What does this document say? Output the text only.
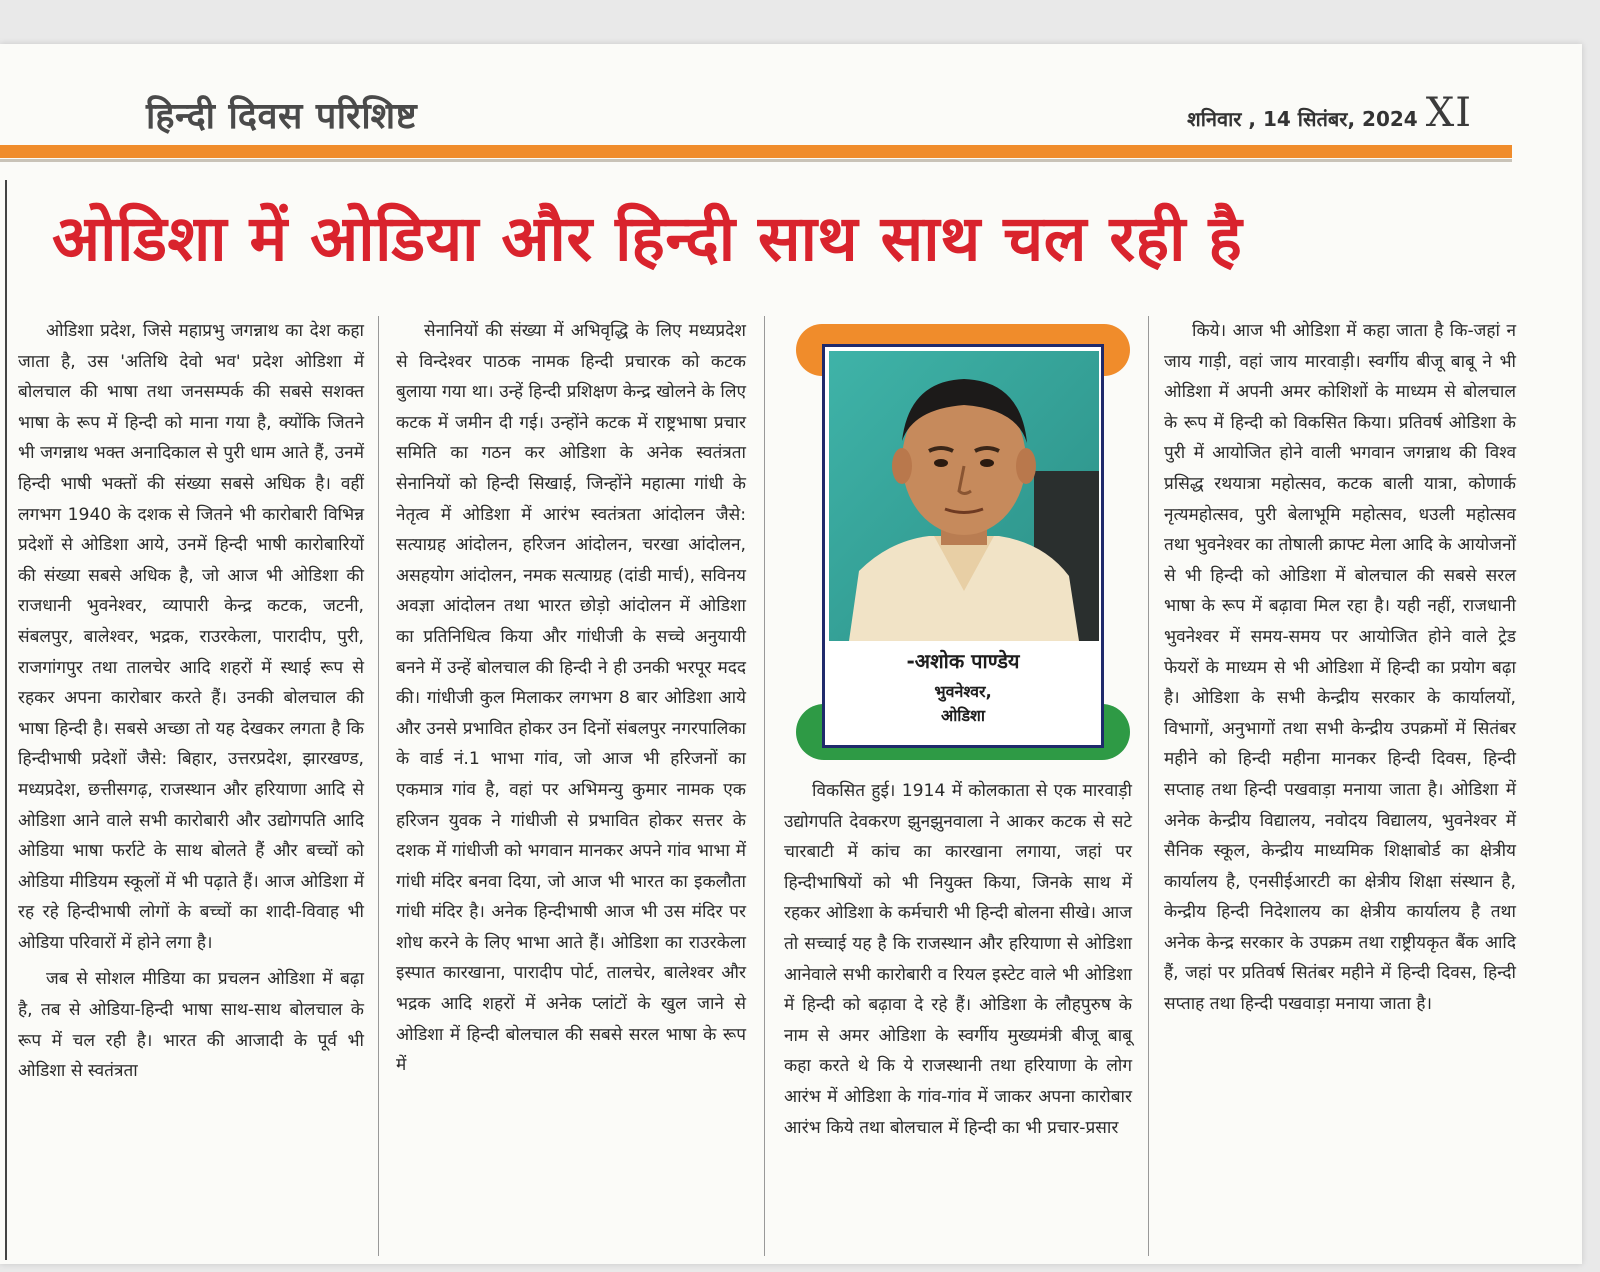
हिन्दी दिवस परिशिष्ट	शनिवार , 14 सितंबर, 2024 XI
ओडिशा में ओडिया और हिन्दी साथ साथ चल रही है

ओडिशा प्रदेश, जिसे महाप्रभु जगन्नाथ का देश कहा जाता है, उस 'अतिथि देवो भव' प्रदेश ओडिशा में बोलचाल की भाषा तथा जनसम्पर्क की सबसे सशक्त भाषा के रूप में हिन्दी को माना गया है, क्योंकि जितने भी जगन्नाथ भक्त अनादिकाल से पुरी धाम आते हैं, उनमें हिन्दी भाषी भक्तों की संख्या सबसे अधिक है। वहीं लगभग 1940 के दशक से जितने भी कारोबारी विभिन्न प्रदेशों से ओडिशा आये, उनमें हिन्दी भाषी कारोबारियों की संख्या सबसे अधिक है, जो आज भी ओडिशा की राजधानी भुवनेश्वर, व्यापारी केन्द्र कटक, जटनी, संबलपुर, बालेश्वर, भद्रक, राउरकेला, पारादीप, पुरी, राजगांगपुर तथा तालचेर आदि शहरों में स्थाई रूप से रहकर अपना कारोबार करते हैं। उनकी बोलचाल की भाषा हिन्दी है। सबसे अच्छा तो यह देखकर लगता है कि हिन्दीभाषी प्रदेशों जैसे: बिहार, उत्तरप्रदेश, झारखण्ड, मध्यप्रदेश, छत्तीसगढ़, राजस्थान और हरियाणा आदि से ओडिशा आने वाले सभी कारोबारी और उद्योगपति आदि ओडिया भाषा फर्राटे के साथ बोलते हैं और बच्चों को ओडिया मीडियम स्कूलों में भी पढ़ाते हैं। आज ओडिशा में रह रहे हिन्दीभाषी लोगों के बच्चों का शादी-विवाह भी ओडिया परिवारों में होने लगा है।

जब से सोशल मीडिया का प्रचलन ओडिशा में बढ़ा है, तब से ओडिया-हिन्दी भाषा साथ-साथ बोलचाल के रूप में चल रही है। भारत की आजादी के पूर्व भी ओडिशा से स्वतंत्रता

सेनानियों की संख्या में अभिवृद्धि के लिए मध्यप्रदेश से विन्देश्वर पाठक नामक हिन्दी प्रचारक को कटक बुलाया गया था। उन्हें हिन्दी प्रशिक्षण केन्द्र खोलने के लिए कटक में जमीन दी गई। उन्होंने कटक में राष्ट्रभाषा प्रचार समिति का गठन कर ओडिशा के अनेक स्वतंत्रता सेनानियों को हिन्दी सिखाई, जिन्होंने महात्मा गांधी के नेतृत्व में ओडिशा में आरंभ स्वतंत्रता आंदोलन जैसे: सत्याग्रह आंदोलन, हरिजन आंदोलन, चरखा आंदोलन, असहयोग आंदोलन, नमक सत्याग्रह (दांडी मार्च), सविनय अवज्ञा आंदोलन तथा भारत छोड़ो आंदोलन में ओडिशा का प्रतिनिधित्व किया और गांधीजी के सच्चे अनुयायी बनने में उन्हें बोलचाल की हिन्दी ने ही उनकी भरपूर मदद की। गांधीजी कुल मिलाकर लगभग 8 बार ओडिशा आये और उनसे प्रभावित होकर उन दिनों संबलपुर नगरपालिका के वार्ड नं.1 भाभा गांव, जो आज भी हरिजनों का एकमात्र गांव है, वहां पर अभिमन्यु कुमार नामक एक हरिजन युवक ने गांधीजी से प्रभावित होकर सत्तर के दशक में गांधीजी को भगवान मानकर अपने गांव भाभा में गांधी मंदिर बनवा दिया, जो आज भी भारत का इकलौता गांधी मंदिर है। अनेक हिन्दीभाषी आज भी उस मंदिर पर शोध करने के लिए भाभा आते हैं। ओडिशा का राउरकेला इस्पात कारखाना, पारादीप पोर्ट, तालचेर, बालेश्वर और भद्रक आदि शहरों में अनेक प्लांटों के खुल जाने से ओडिशा में हिन्दी बोलचाल की सबसे सरल भाषा के रूप में

-अशोक पाण्डेय
भुवनेश्वर,
ओडिशा

विकसित हुई। 1914 में कोलकाता से एक मारवाड़ी उद्योगपति देवकरण झुनझुनवाला ने आकर कटक से सटे चारबाटी में कांच का कारखाना लगाया, जहां पर हिन्दीभाषियों को भी नियुक्त किया, जिनके साथ में रहकर ओडिशा के कर्मचारी भी हिन्दी बोलना सीखे। आज तो सच्चाई यह है कि राजस्थान और हरियाणा से ओडिशा आनेवाले सभी कारोबारी व रियल इस्टेट वाले भी ओडिशा में हिन्दी को बढ़ावा दे रहे हैं। ओडिशा के लौहपुरुष के नाम से अमर ओडिशा के स्वर्गीय मुख्यमंत्री बीजू बाबू कहा करते थे कि ये राजस्थानी तथा हरियाणा के लोग आरंभ में ओडिशा के गांव-गांव में जाकर अपना कारोबार आरंभ किये तथा बोलचाल में हिन्दी का भी प्रचार-प्रसार

किये। आज भी ओडिशा में कहा जाता है कि-जहां न जाय गाड़ी, वहां जाय मारवाड़ी। स्वर्गीय बीजू बाबू ने भी ओडिशा में अपनी अमर कोशिशों के माध्यम से बोलचाल के रूप में हिन्दी को विकसित किया। प्रतिवर्ष ओडिशा के पुरी में आयोजित होने वाली भगवान जगन्नाथ की विश्व प्रसिद्ध रथयात्रा महोत्सव, कटक बाली यात्रा, कोणार्क नृत्यमहोत्सव, पुरी बेलाभूमि महोत्सव, धउली महोत्सव तथा भुवनेश्वर का तोषाली क्राफ्ट मेला आदि के आयोजनों से भी हिन्दी को ओडिशा में बोलचाल की सबसे सरल भाषा के रूप में बढ़ावा मिल रहा है। यही नहीं, राजधानी भुवनेश्वर में समय-समय पर आयोजित होने वाले ट्रेड फेयरों के माध्यम से भी ओडिशा में हिन्दी का प्रयोग बढ़ा है। ओडिशा के सभी केन्द्रीय सरकार के कार्यालयों, विभागों, अनुभागों तथा सभी केन्द्रीय उपक्रमों में सितंबर महीने को हिन्दी महीना मानकर हिन्दी दिवस, हिन्दी सप्ताह तथा हिन्दी पखवाड़ा मनाया जाता है। ओडिशा में अनेक केन्द्रीय विद्यालय, नवोदय विद्यालय, भुवनेश्वर में सैनिक स्कूल, केन्द्रीय माध्यमिक शिक्षाबोर्ड का क्षेत्रीय कार्यालय है, एनसीईआरटी का क्षेत्रीय शिक्षा संस्थान है, केन्द्रीय हिन्दी निदेशालय का क्षेत्रीय कार्यालय है तथा अनेक केन्द्र सरकार के उपक्रम तथा राष्ट्रीयकृत बैंक आदि हैं, जहां पर प्रतिवर्ष सितंबर महीने में हिन्दी दिवस, हिन्दी सप्ताह तथा हिन्दी पखवाड़ा मनाया जाता है।
